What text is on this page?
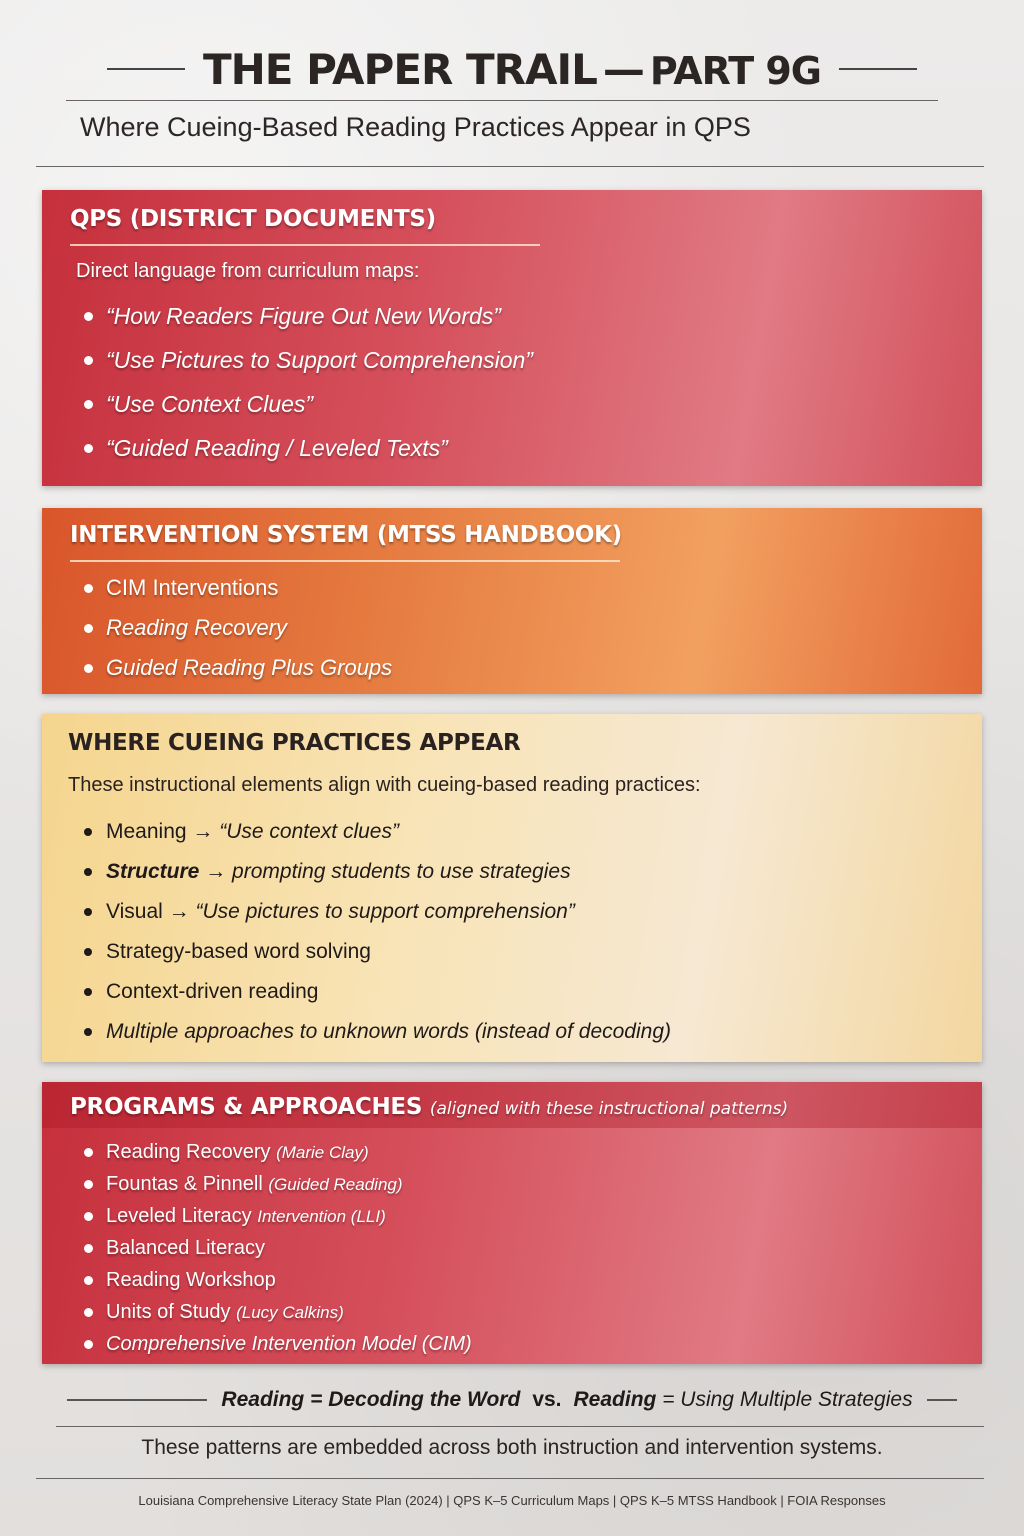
THE PAPER TRAIL — PART 9G
Where Cueing-Based Reading Practices Appear in QPS
QPS (DISTRICT DOCUMENTS)
Direct language from curriculum maps:
“How Readers Figure Out New Words”
“Use Pictures to Support Comprehension”
“Use Context Clues”
“Guided Reading / Leveled Texts”
INTERVENTION SYSTEM (MTSS HANDBOOK)
CIM Interventions
Reading Recovery
Guided Reading Plus Groups
WHERE CUEING PRACTICES APPEAR
These instructional elements align with cueing-based reading practices:
Meaning → “Use context clues”
Structure → prompting students to use strategies
Visual → “Use pictures to support comprehension”
Strategy-based word solving
Context-driven reading
Multiple approaches to unknown words (instead of decoding)
PROGRAMS & APPROACHES (aligned with these instructional patterns)
Reading Recovery (Marie Clay)
Fountas & Pinnell (Guided Reading)
Leveled Literacy Intervention (LLI)
Balanced Literacy
Reading Workshop
Units of Study (Lucy Calkins)
Comprehensive Intervention Model (CIM)
Reading = Decoding the Word vs. Reading = Using Multiple Strategies
These patterns are embedded across both instruction and intervention systems.
Louisiana Comprehensive Literacy State Plan (2024) | QPS K–5 Curriculum Maps | QPS K–5 MTSS Handbook | FOIA Responses
